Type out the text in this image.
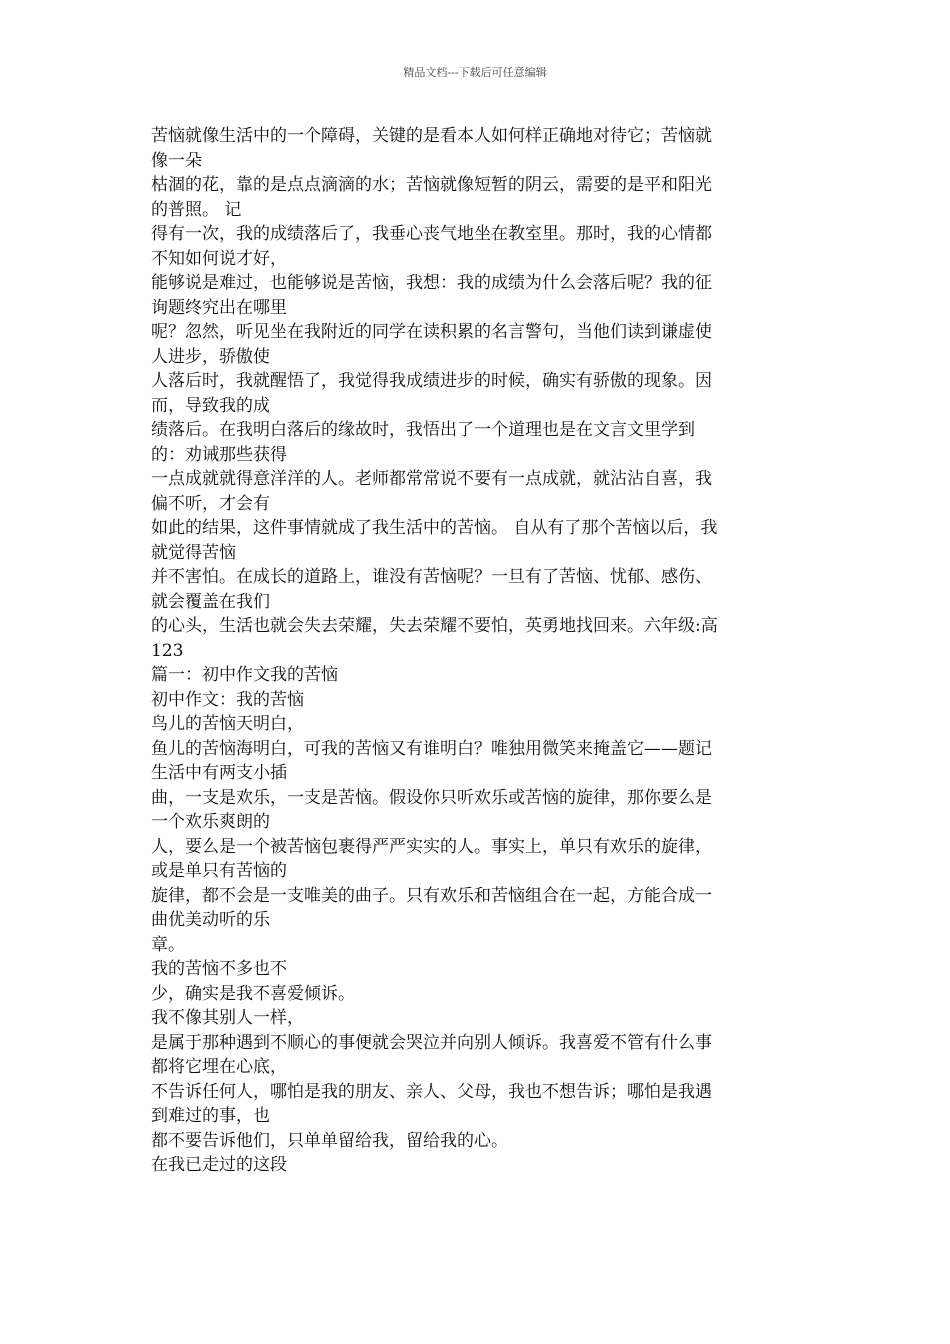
精品文档---下载后可任意编辑
苦恼就像生活中的一个障碍，关键的是看本人如何样正确地对待它；苦恼就
像一朵
枯涸的花，靠的是点点滴滴的水；苦恼就像短暂的阴云，需要的是平和阳光
的普照。 记
得有一次，我的成绩落后了，我垂心丧气地坐在教室里。那时，我的心情都
不知如何说才好，
能够说是难过，也能够说是苦恼，我想：我的成绩为什么会落后呢？我的征
询题终究出在哪里
呢？忽然，听见坐在我附近的同学在读积累的名言警句，当他们读到谦虚使
人进步，骄傲使
人落后时，我就醒悟了，我觉得我成绩进步的时候，确实有骄傲的现象。因
而，导致我的成
绩落后。在我明白落后的缘故时，我悟出了一个道理也是在文言文里学到
的：劝诫那些获得
一点成就就得意洋洋的人。老师都常常说不要有一点成就，就沾沾自喜，我
偏不听，才会有
如此的结果，这件事情就成了我生活中的苦恼。 自从有了那个苦恼以后，我
就觉得苦恼
并不害怕。在成长的道路上，谁没有苦恼呢？一旦有了苦恼、忧郁、感伤、
就会覆盖在我们
的心头，生活也就会失去荣耀，失去荣耀不要怕，英勇地找回来。六年级:高
123
篇一：初中作文我的苦恼
初中作文：我的苦恼
鸟儿的苦恼天明白，
鱼儿的苦恼海明白，可我的苦恼又有谁明白？唯独用微笑来掩盖它——题记
生活中有两支小插
曲，一支是欢乐，一支是苦恼。假设你只听欢乐或苦恼的旋律，那你要么是
一个欢乐爽朗的
人，要么是一个被苦恼包裹得严严实实的人。事实上，单只有欢乐的旋律，
或是单只有苦恼的
旋律，都不会是一支唯美的曲子。只有欢乐和苦恼组合在一起，方能合成一
曲优美动听的乐
章。
我的苦恼不多也不
少，确实是我不喜爱倾诉。
我不像其别人一样，
是属于那种遇到不顺心的事便就会哭泣并向别人倾诉。我喜爱不管有什么事
都将它埋在心底，
不告诉任何人，哪怕是我的朋友、亲人、父母，我也不想告诉；哪怕是我遇
到难过的事，也
都不要告诉他们，只单单留给我，留给我的心。
在我已走过的这段
